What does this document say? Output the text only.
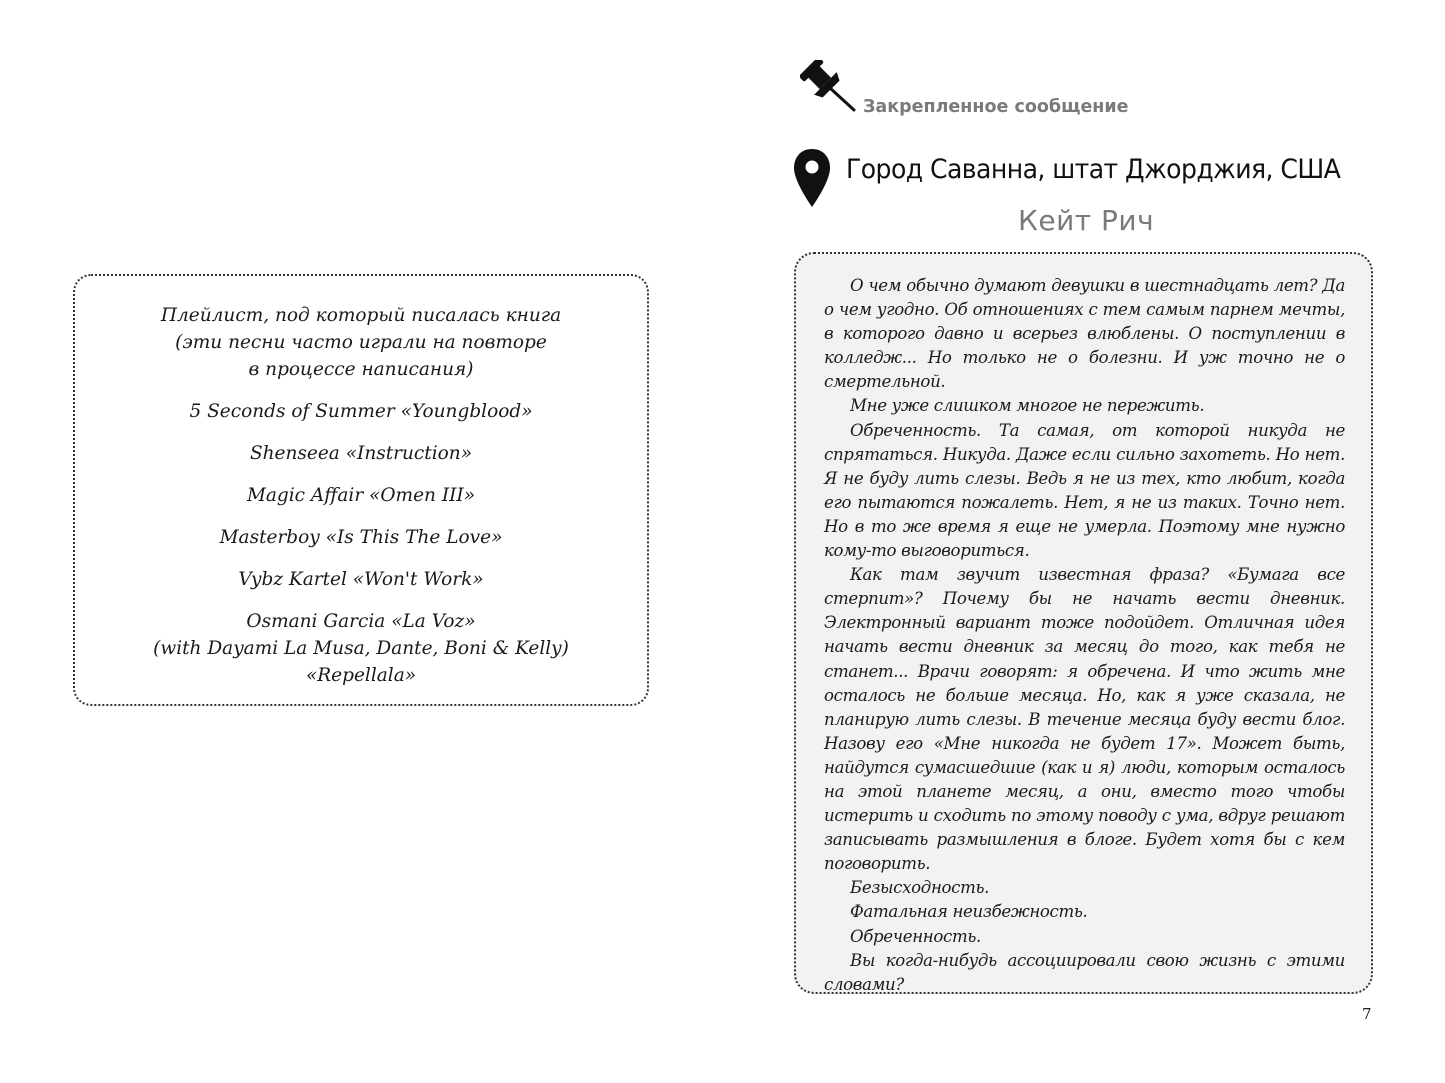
Плейлист, под который писалась книга
(эти песни часто играли на повторе
в процессе написания)
5 Seconds of Summer «Youngblood»
Shenseea «Instruction»
Magic Affair «Omen III»
Masterboy «Is This The Love»
Vybz Kartel «Won't Work»
Osmani Garcia «La Voz»
(with Dayami La Musa, Dante, Boni & Kelly)
«Repellala»
Закрепленное сообщение
Город Саванна, штат Джорджия, США
Кейт Рич

О чем обычно думают девушки в шестнадцать лет? Да о чем угодно. Об отношениях с тем самым парнем мечты, в которого давно и всерьез влюблены. О поступлении в колледж... Но только не о болезни. И уж точно не о смертельной.

Мне уже слишком многое не пережить.

Обреченность. Та самая, от которой никуда не спрятаться. Никуда. Даже если сильно захотеть. Но нет. Я не буду лить слезы. Ведь я не из тех, кто любит, когда его пытаются пожалеть. Нет, я не из таких. Точно нет. Но в то же время я еще не умерла. Поэтому мне нужно кому-то выговориться.

Как там звучит известная фраза? «Бумага все стерпит»? Почему бы не начать вести дневник. Электронный вариант тоже подойдет. Отличная идея начать вести дневник за месяц до того, как тебя не станет... Врачи говорят: я обречена. И что жить мне осталось не больше месяца. Но, как я уже сказала, не планирую лить слезы. В течение месяца буду вести блог. Назову его «Мне никогда не будет 17». Может быть, найдутся сумасшедшие (как и я) люди, которым осталось на этой планете месяц, а они, вместо того чтобы истерить и сходить по этому поводу с ума, вдруг решают записывать размышления в блоге. Будет хотя бы с кем поговорить.

Безысходность.

Фатальная неизбежность.

Обреченность.

Вы когда-нибудь ассоциировали свою жизнь с этими словами?

7
